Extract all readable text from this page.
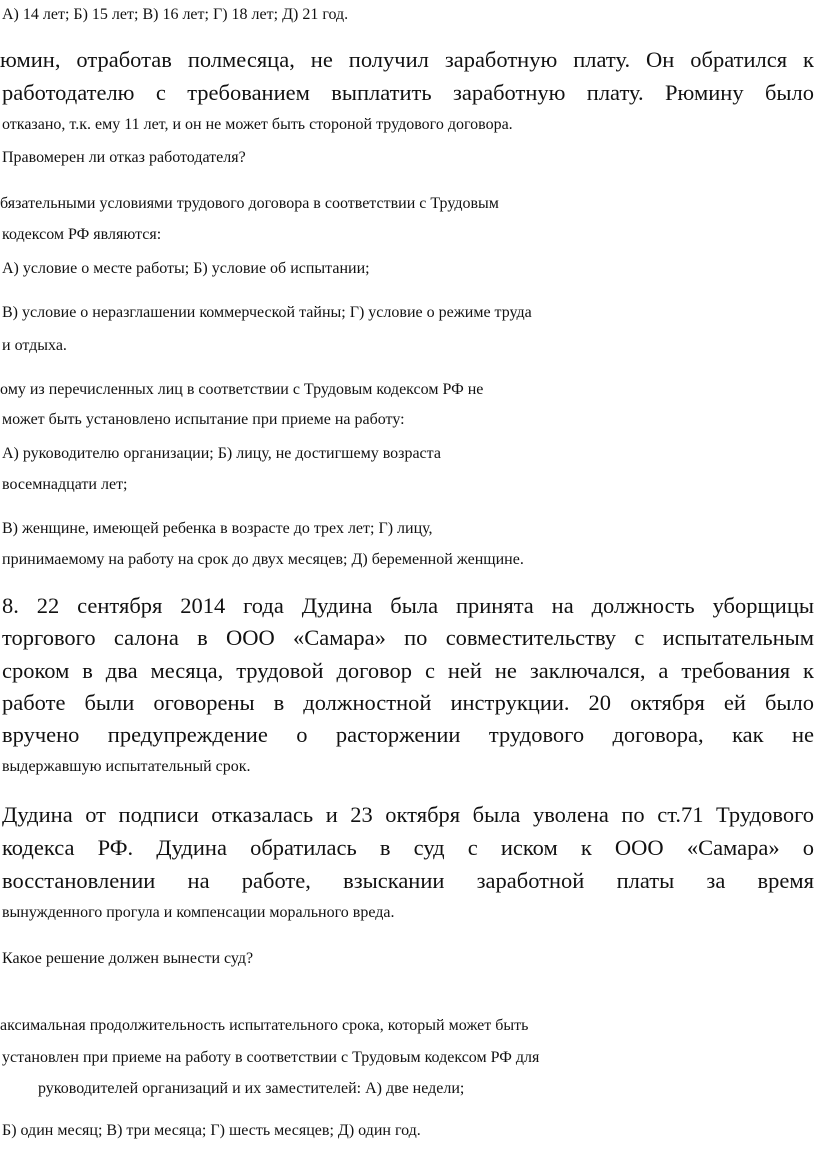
А) 14 лет; Б) 15 лет; В) 16 лет; Г) 18 лет; Д) 21 год.
юмин, отработав полмесяца, не получил заработную плату. Он обратился к
работодателю с требованием выплатить заработную плату. Рюмину было
отказано, т.к. ему 11 лет, и он не может быть стороной трудового договора.
Правомерен ли отказ работодателя?
бязательными условиями трудового договора в соответствии с Трудовым
кодексом РФ являются:
А) условие о месте работы; Б) условие об испытании;
В) условие о неразглашении коммерческой тайны; Г) условие о режиме труда
и отдыха.
ому из перечисленных лиц в соответствии с Трудовым кодексом РФ не
может быть установлено испытание при приеме на работу:
А) руководителю организации; Б) лицу, не достигшему возраста
восемнадцати лет;
В) женщине, имеющей ребенка в возрасте до трех лет; Г) лицу,
принимаемому на работу на срок до двух месяцев; Д) беременной женщине.
8. 22 сентября 2014 года Дудина была принята на должность уборщицы
торгового салона в ООО «Самара» по совместительству с испытательным
сроком в два месяца, трудовой договор с ней не заключался, а требования к
работе были оговорены в должностной инструкции. 20 октября ей было
вручено предупреждение о расторжении трудового договора, как не
выдержавшую испытательный срок.
Дудина от подписи отказалась и 23 октября была уволена по ст.71 Трудового
кодекса РФ. Дудина обратилась в суд с иском к ООО «Самара» о
восстановлении на работе, взыскании заработной платы за время
вынужденного прогула и компенсации морального вреда.
Какое решение должен вынести суд?
аксимальная продолжительность испытательного срока, который может быть
установлен при приеме на работу в соответствии с Трудовым кодексом РФ для
руководителей организаций и их заместителей: А) две недели;
Б) один месяц; В) три месяца; Г) шесть месяцев; Д) один год.
